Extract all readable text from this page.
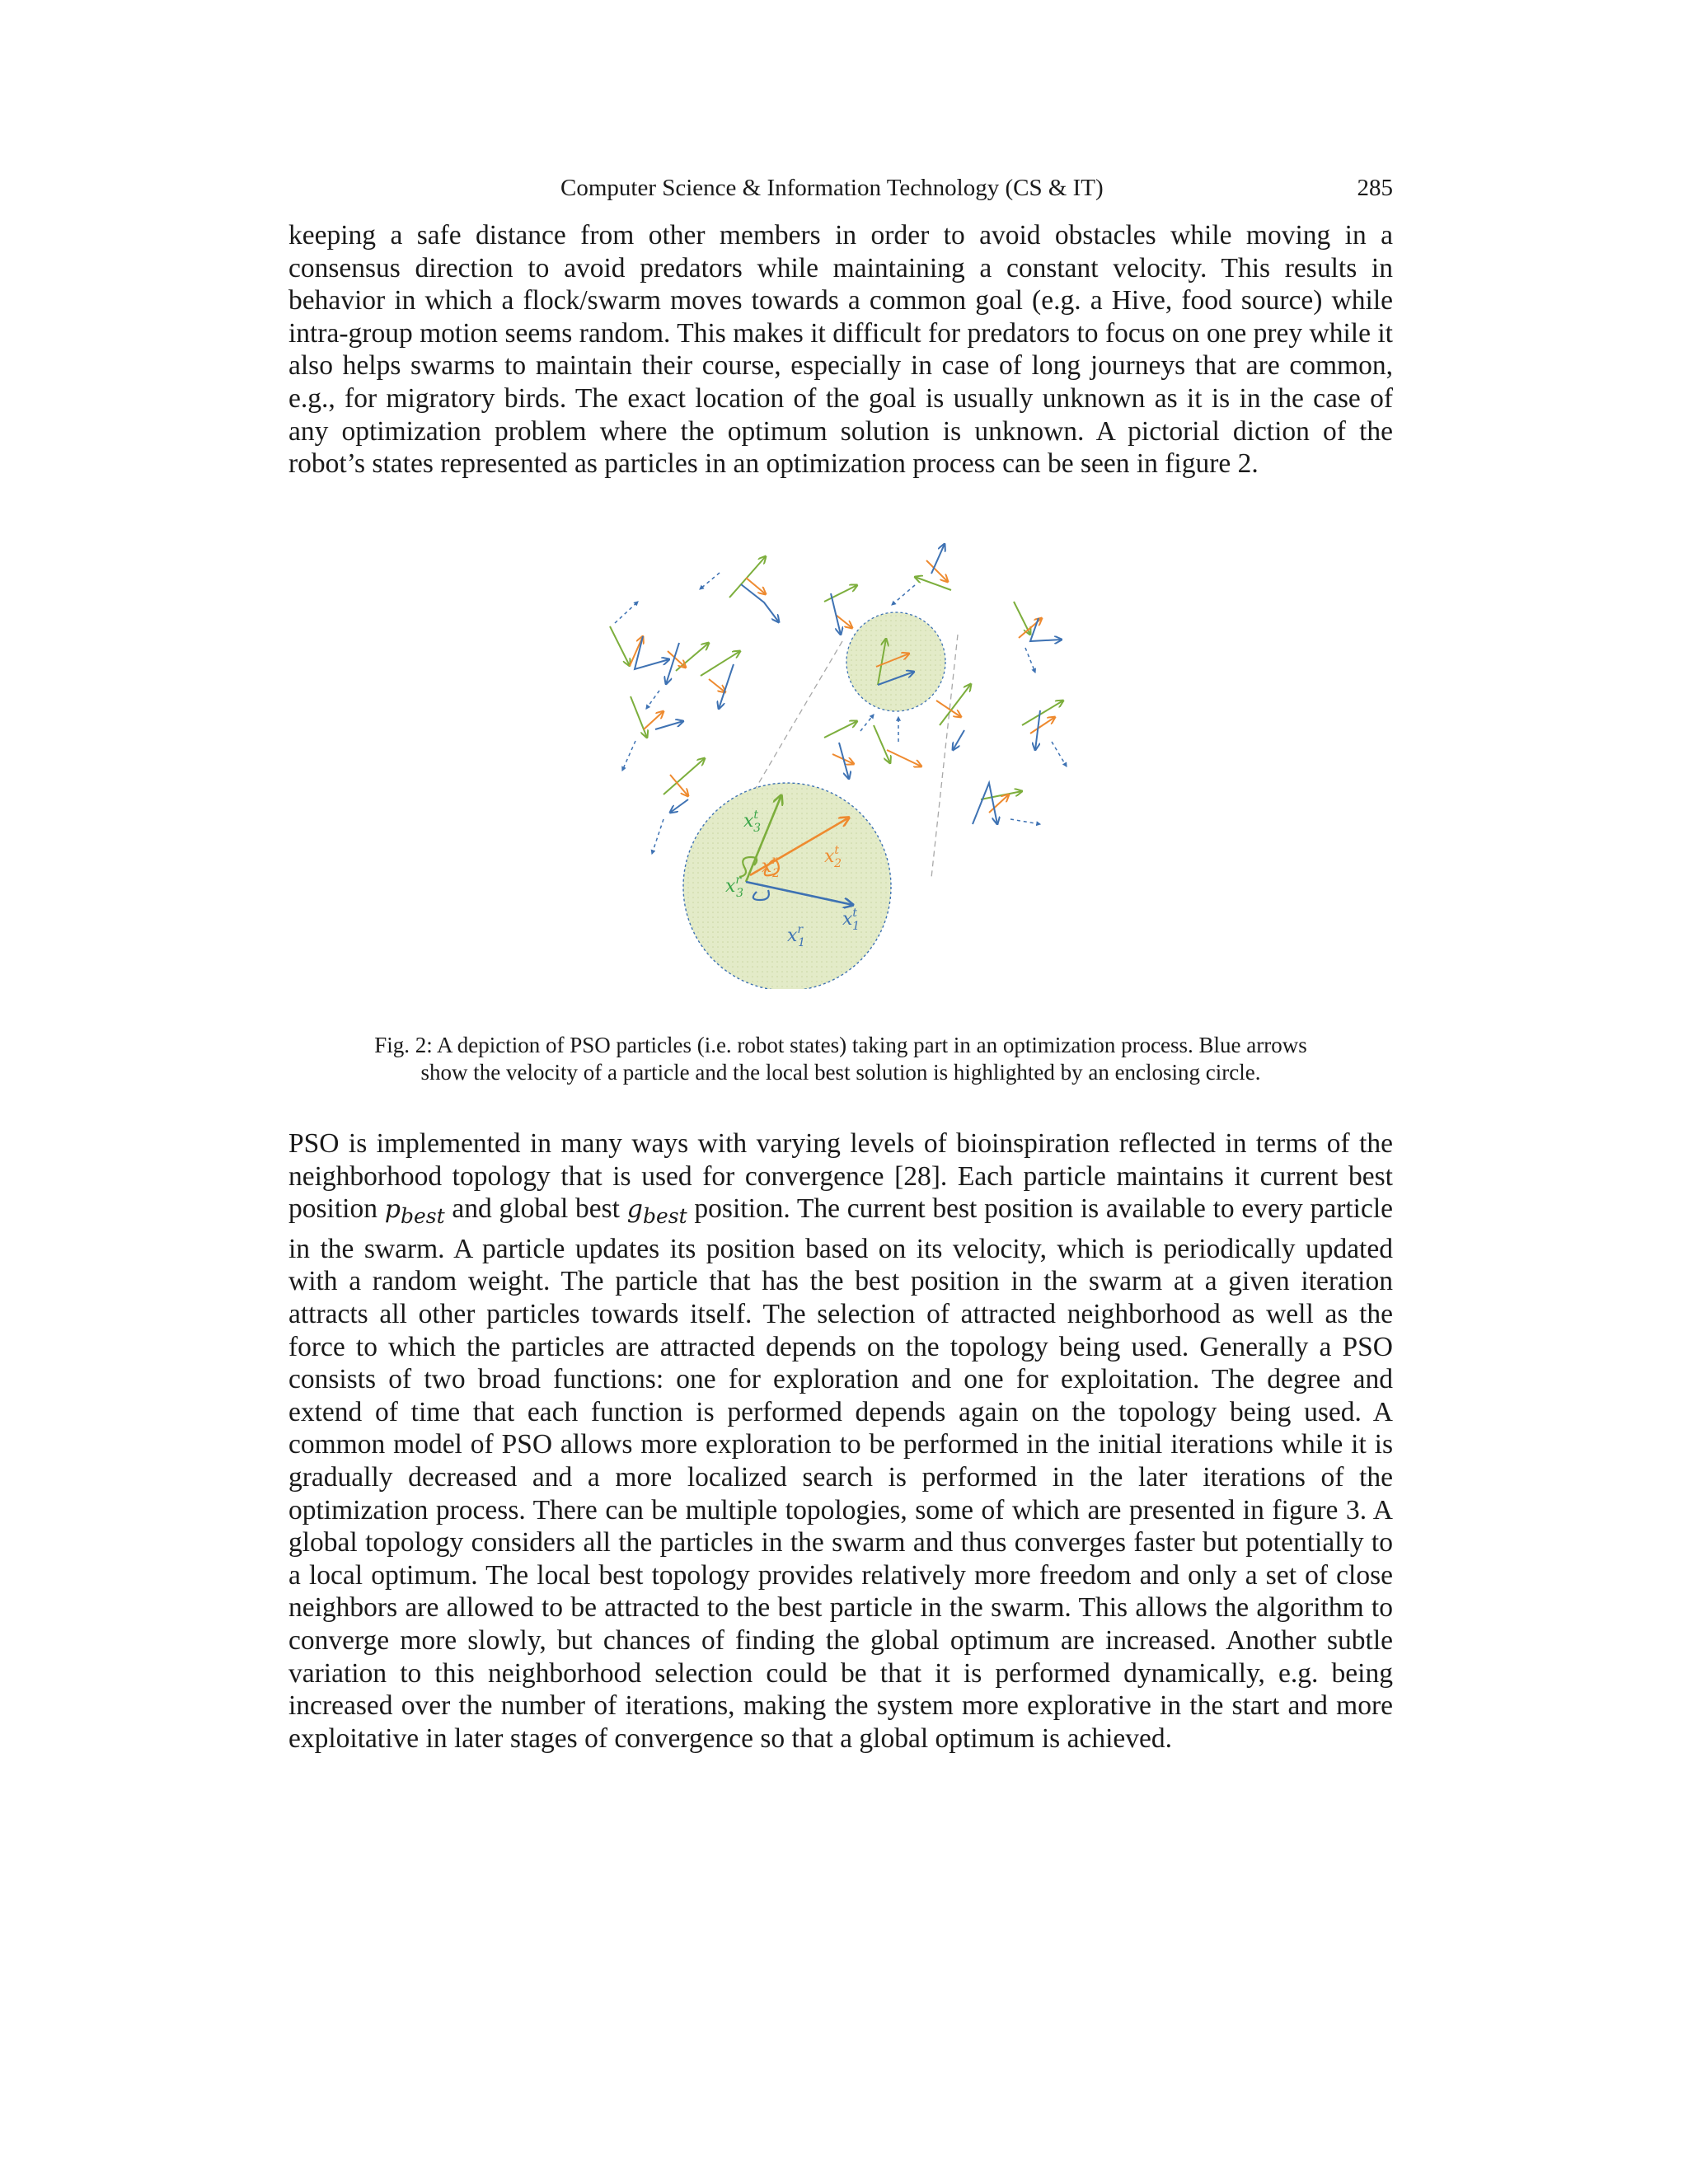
Computer Science & Information Technology (CS & IT)	285

keeping a safe distance from other members in order to avoid obstacles while moving in a consensus direction to avoid predators while maintaining a constant velocity. This results in behavior in which a flock/swarm moves towards a common goal (e.g. a Hive, food source) while intra-group motion seems random. This makes it difficult for predators to focus on one prey while it also helps swarms to maintain their course, especially in case of long journeys that are common, e.g., for migratory birds. The exact location of the goal is usually unknown as it is in the case of any optimization problem where the optimum solution is unknown. A pictorial diction of the robot’s states represented as particles in an optimization process can be seen in figure 2.

$x^t$ 3
$x^r$ 2
$x^t$ 2
$x^r$ 3
$x^t$ 1
$x^r$ 1

Fig. 2: A depiction of PSO particles (i.e. robot states) taking part in an optimization process. Blue arrows
show the velocity of a particle and the local best solution is highlighted by an enclosing circle.

PSO is implemented in many ways with varying levels of bioinspiration reflected in terms of the neighborhood topology that is used for convergence [28]. Each particle maintains it current best position $p_{best}$ and global best $g_{best}$ position. The current best position is available to every particle in the swarm. A particle updates its position based on its velocity, which is periodically updated with a random weight. The particle that has the best position in the swarm at a given iteration attracts all other particles towards itself. The selection of attracted neighborhood as well as the force to which the particles are attracted depends on the topology being used. Generally a PSO consists of two broad functions: one for exploration and one for exploitation. The degree and extend of time that each function is performed depends again on the topology being used. A common model of PSO allows more exploration to be performed in the initial iterations while it is gradually decreased and a more localized search is performed in the later iterations of the optimization process. There can be multiple topologies, some of which are presented in figure 3. A global topology considers all the particles in the swarm and thus converges faster but potentially to a local optimum. The local best topology provides relatively more freedom and only a set of close neighbors are allowed to be attracted to the best particle in the swarm. This allows the algorithm to converge more slowly, but chances of finding the global optimum are increased. Another subtle variation to this neighborhood selection could be that it is performed dynamically, e.g. being increased over the number of iterations, making the system more explorative in the start and more exploitative in later stages of convergence so that a global optimum is achieved.
